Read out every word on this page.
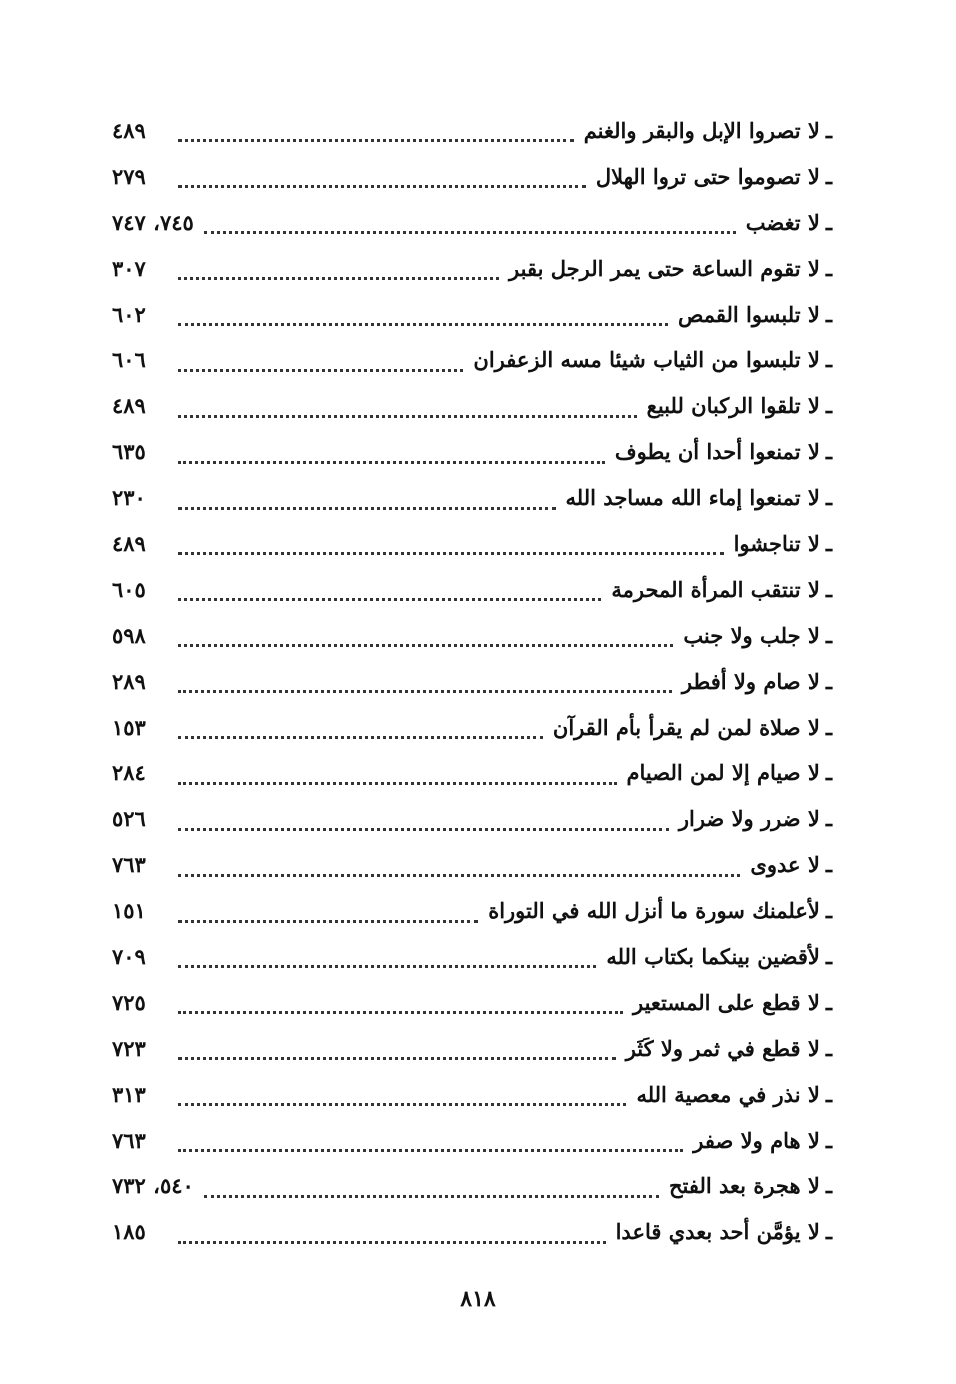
ـ
لا تصروا الإبل والبقر والغنم
٤٨٩
ـ
لا تصوموا حتى تروا الهلال
٢٧٩
ـ
لا تغضب
٧٤٥، ٧٤٧
ـ
لا تقوم الساعة حتى يمر الرجل بقبر
٣٠٧
ـ
لا تلبسوا القمص
٦٠٢
ـ
لا تلبسوا من الثياب شيئا مسه الزعفران
٦٠٦
ـ
لا تلقوا الركبان للبيع
٤٨٩
ـ
لا تمنعوا أحدا أن يطوف
٦٣٥
ـ
لا تمنعوا إماء الله مساجد الله
٢٣٠
ـ
لا تناجشوا
٤٨٩
ـ
لا تنتقب المرأة المحرمة
٦٠٥
ـ
لا جلب ولا جنب
٥٩٨
ـ
لا صام ولا أفطر
٢٨٩
ـ
لا صلاة لمن لم يقرأ بأم القرآن
١٥٣
ـ
لا صيام إلا لمن الصيام
٢٨٤
ـ
لا ضرر ولا ضرار
٥٢٦
ـ
لا عدوى
٧٦٣
ـ
لأعلمنك سورة ما أنزل الله في التوراة
١٥١
ـ
لأقضين بينكما بكتاب الله
٧٠٩
ـ
لا قطع على المستعير
٧٢٥
ـ
لا قطع في ثمر ولا كَثَر
٧٢٣
ـ
لا نذر في معصية الله
٣١٣
ـ
لا هام ولا صفر
٧٦٣
ـ
لا هجرة بعد الفتح
٥٤٠، ٧٣٢
ـ
لا يؤمَّن أحد بعدي قاعدا
١٨٥
٨١٨
